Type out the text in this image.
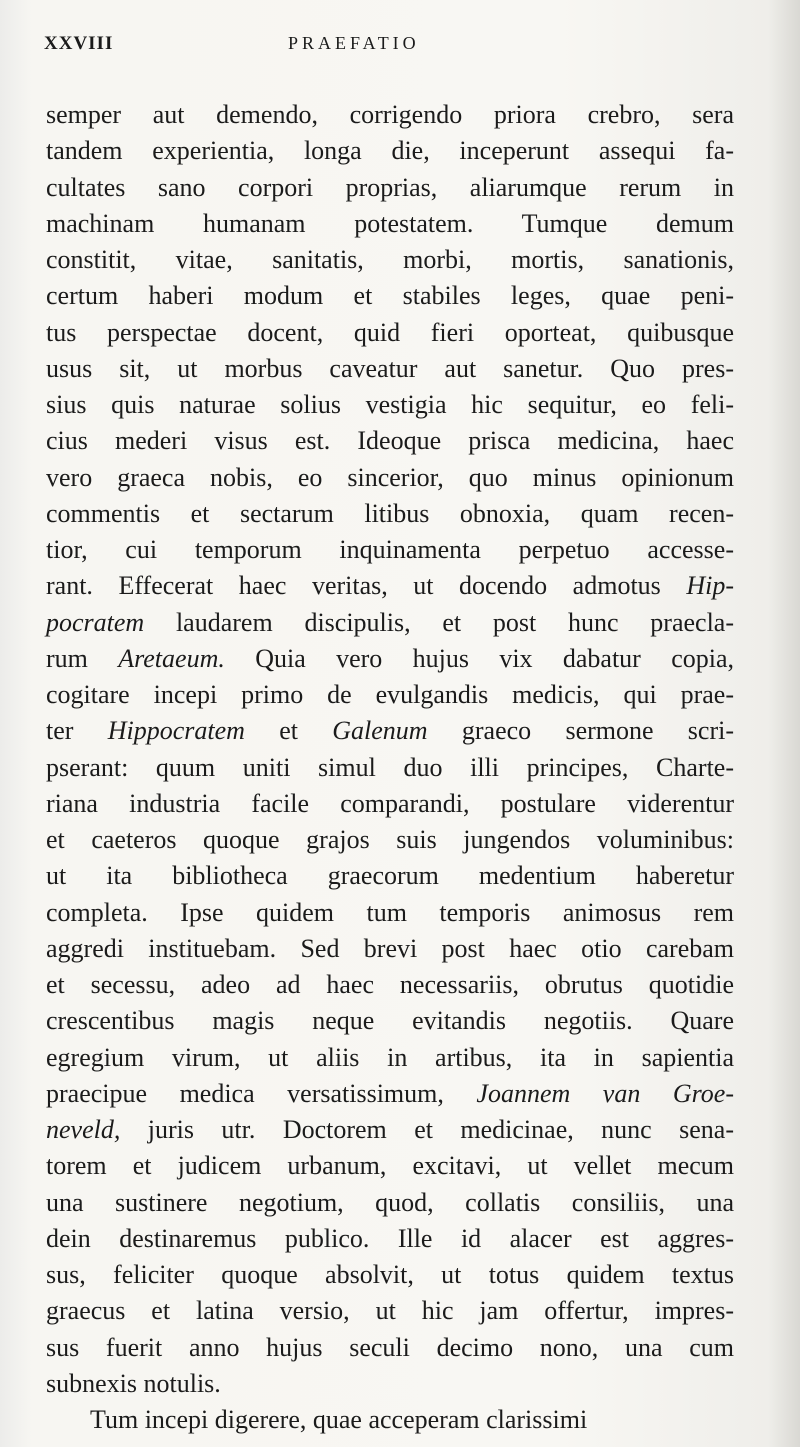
XXVIII	PRAEFATIO
semper aut demendo, corrigendo priora crebro, sera
tandem experientia, longa die, inceperunt assequi fa-
cultates sano corpori proprias, aliarumque rerum in
machinam humanam potestatem. Tumque demum
constitit, vitae, sanitatis, morbi, mortis, sanationis,
certum haberi modum et stabiles leges, quae peni-
tus perspectae docent, quid fieri oporteat, quibusque
usus sit, ut morbus caveatur aut sanetur. Quo pres-
sius quis naturae solius vestigia hic sequitur, eo feli-
cius mederi visus est. Ideoque prisca medicina, haec
vero graeca nobis, eo sincerior, quo minus opinionum
commentis et sectarum litibus obnoxia, quam recen-
tior, cui temporum inquinamenta perpetuo accesse-
rant. Effecerat haec veritas, ut docendo admotus Hip-
pocratem laudarem discipulis, et post hunc praecla-
rum Aretaeum. Quia vero hujus vix dabatur copia,
cogitare incepi primo de evulgandis medicis, qui prae-
ter Hippocratem et Galenum graeco sermone scri-
pserant: quum uniti simul duo illi principes, Charte-
riana industria facile comparandi, postulare viderentur
et caeteros quoque grajos suis jungendos voluminibus:
ut ita bibliotheca graecorum medentium haberetur
completa. Ipse quidem tum temporis animosus rem
aggredi instituebam. Sed brevi post haec otio carebam
et secessu, adeo ad haec necessariis, obrutus quotidie
crescentibus magis neque evitandis negotiis. Quare
egregium virum, ut aliis in artibus, ita in sapientia
praecipue medica versatissimum, Joannem van Groe-
neveld, juris utr. Doctorem et medicinae, nunc sena-
torem et judicem urbanum, excitavi, ut vellet mecum
una sustinere negotium, quod, collatis consiliis, una
dein destinaremus publico. Ille id alacer est aggres-
sus, feliciter quoque absolvit, ut totus quidem textus
graecus et latina versio, ut hic jam offertur, impres-
sus fuerit anno hujus seculi decimo nono, una cum
subnexis notulis.
Tum incepi digerere, quae acceperam clarissimi
